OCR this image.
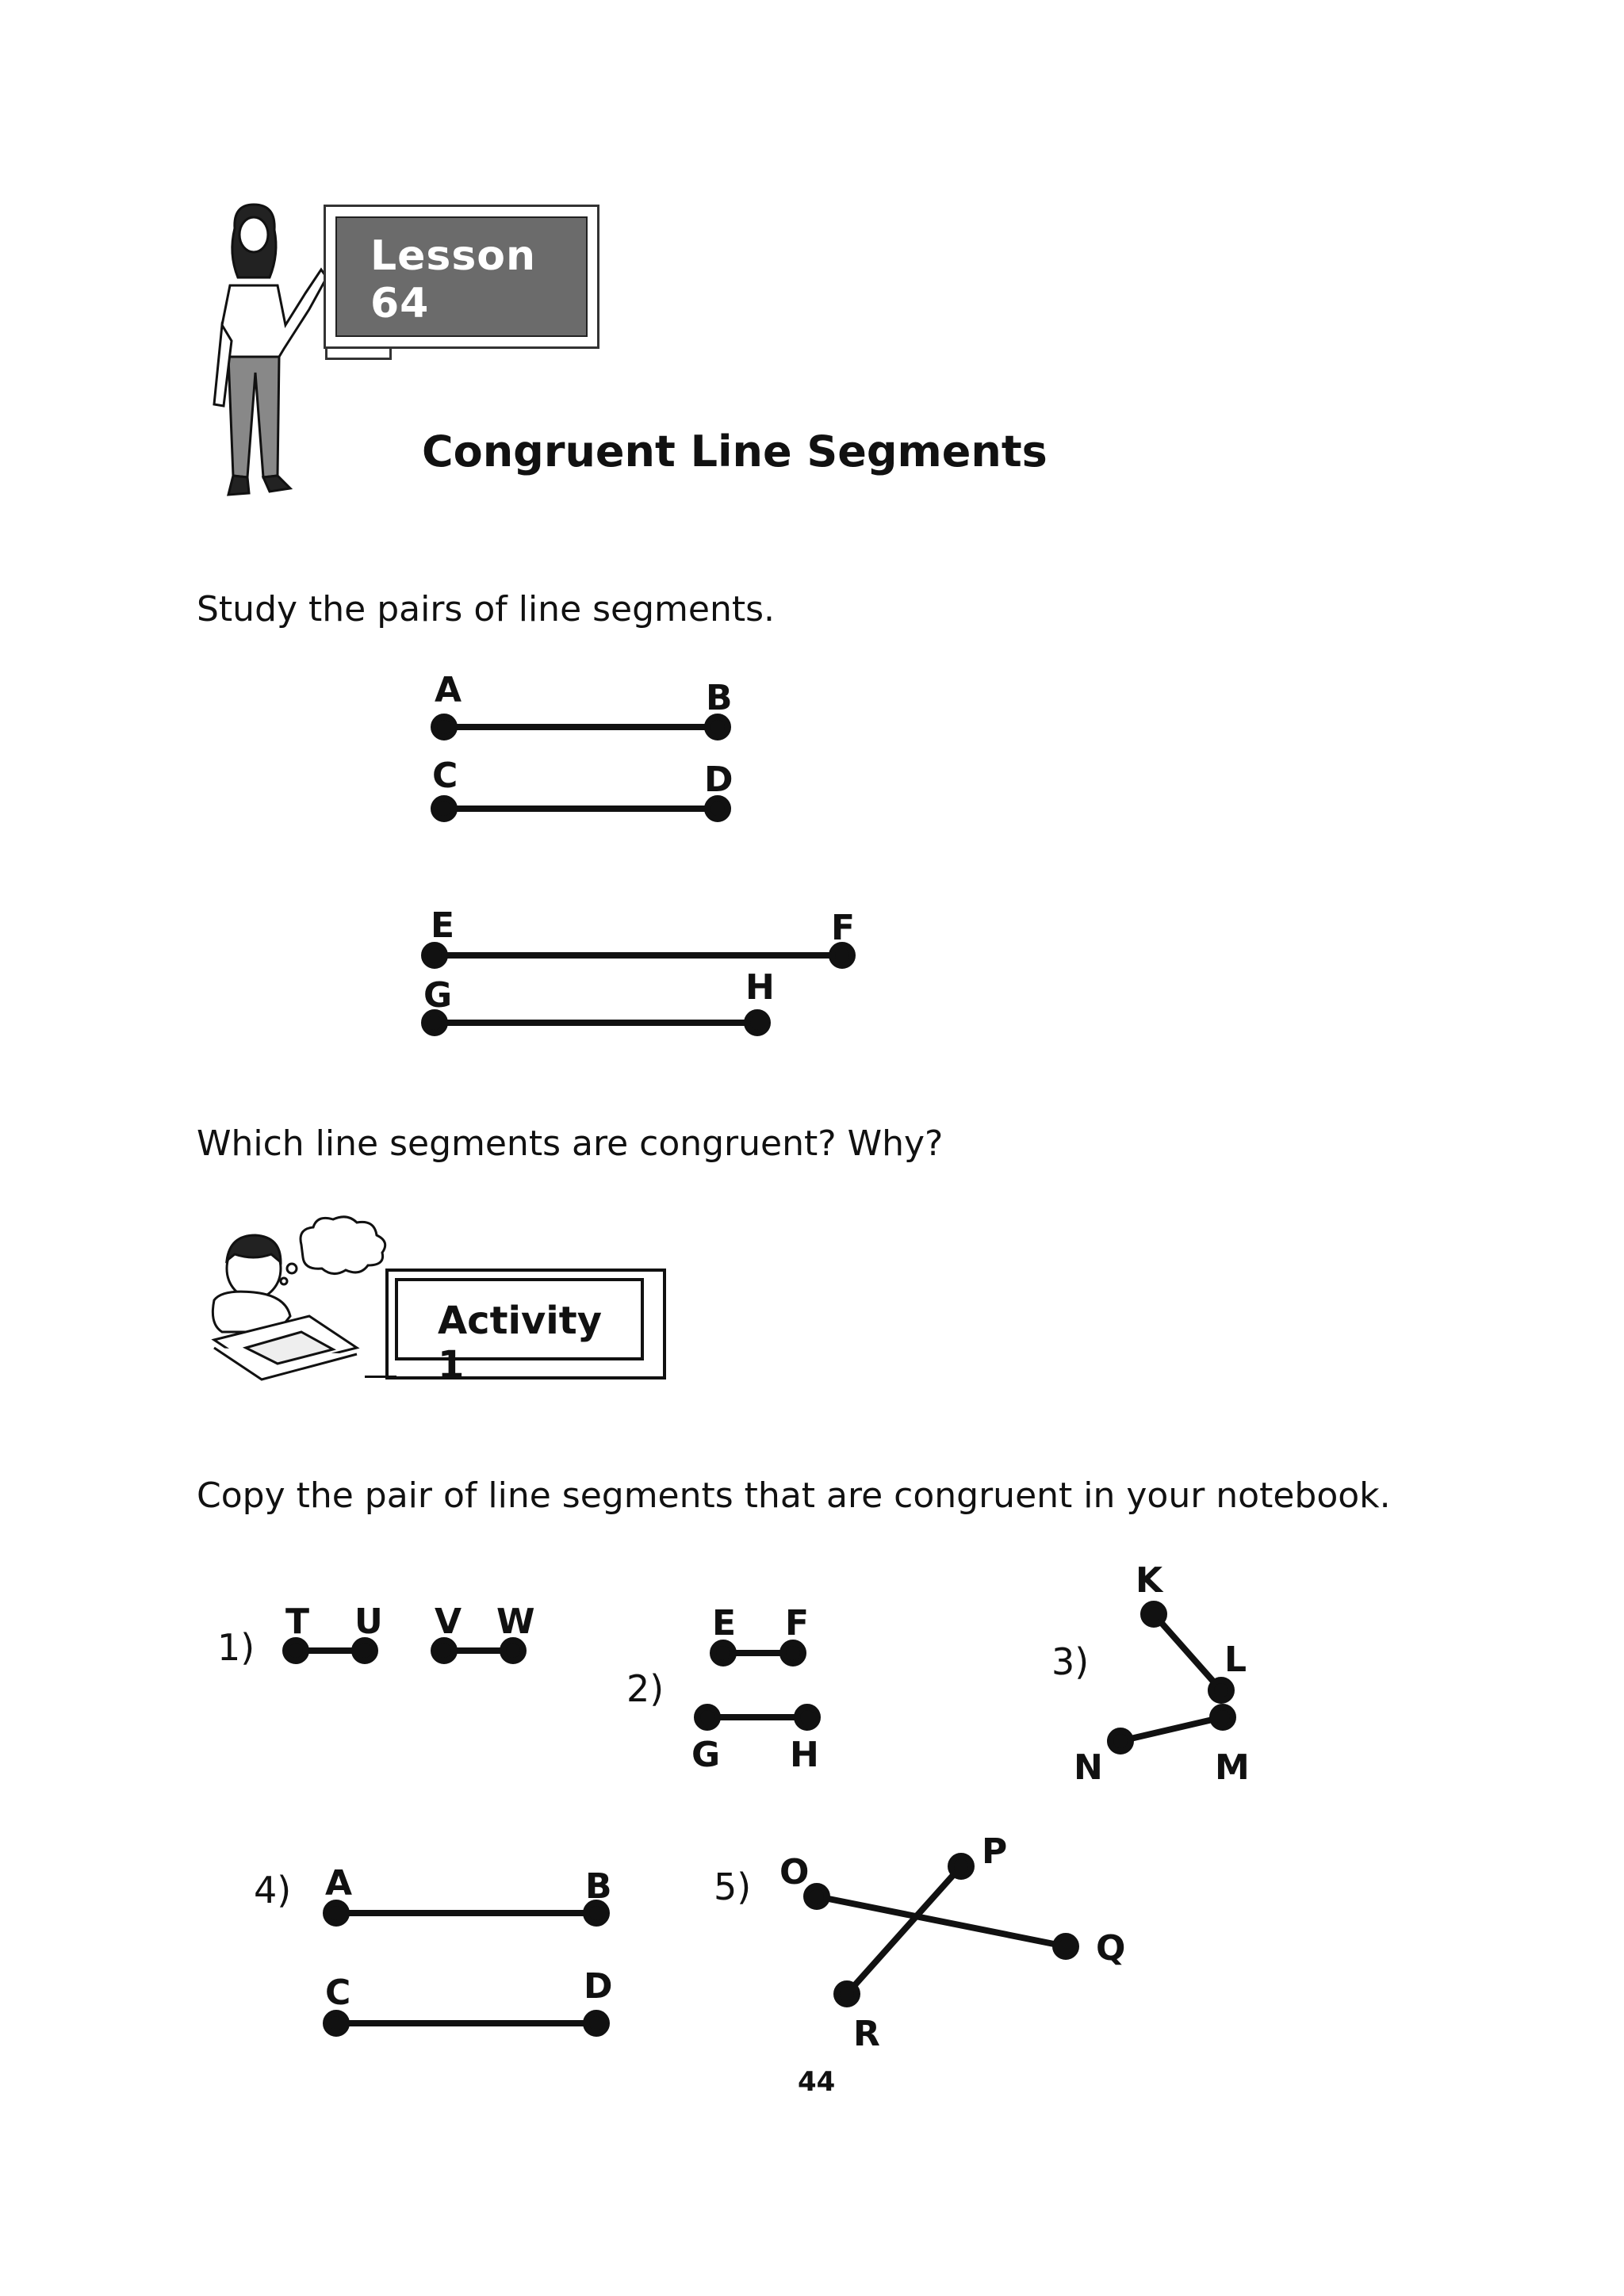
Lesson 64
Congruent Line Segments
Study the pairs of line segments.
A	B
C	D
E	F
G	H
Which line segments are congruent? Why?
Activity 1
Copy the pair of line segments that are congruent in your notebook.
1)
T U V W
2)
E F
G H
3)
K
L
N	M
4) A	B
C	D
5) O
P
Q
R
44
